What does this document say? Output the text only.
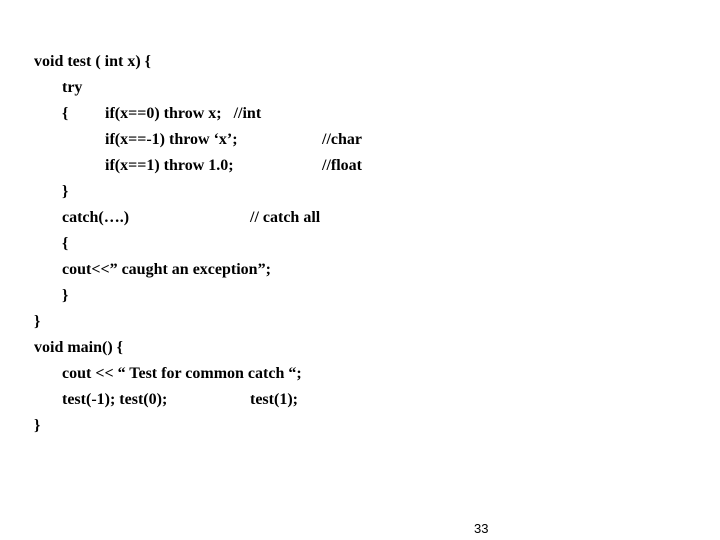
void test ( int x) {
try
{ if(x==0) throw x;   //int
if(x==-1) throw ‘x’;	//char
if(x==1) throw 1.0;	//float
}
catch(….)	// catch all
{
cout<<” caught an exception”;
}
}
void main() {
cout << “ Test for common catch “;
test(-1); test(0);	test(1);
}
33
